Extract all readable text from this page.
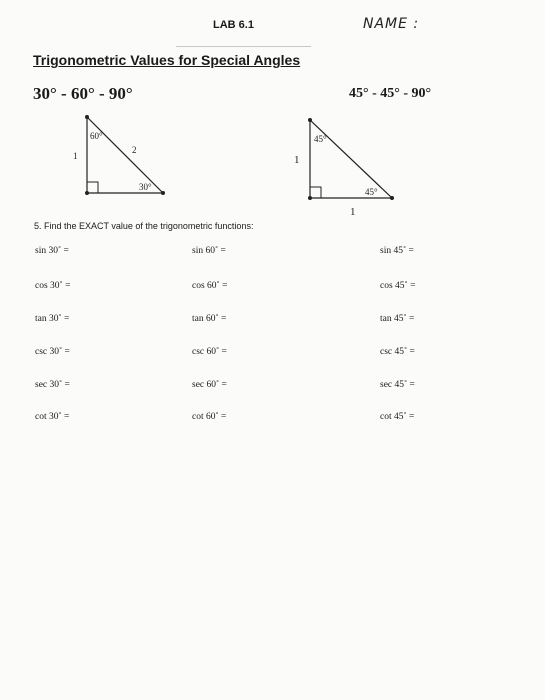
LAB 6.1	NAME :
Trigonometric Values for Special Angles
30° - 60° - 90°	45° - 45° - 90°
60°
30°
2
1
45°
45°
1
1
5. Find the EXACT value of the trigonometric functions:
sin 30˚ =
cos 30˚ =
tan 30˚ =
csc 30˚ =
sec 30˚ =
cot 30˚ =
sin 60˚ =
cos 60˚ =
tan 60˚ =
csc 60˚ =
sec 60˚ =
cot 60˚ =
sin 45˚ =
cos 45˚ =
tan 45˚ =
csc 45˚ =
sec 45˚ =
cot 45˚ =
